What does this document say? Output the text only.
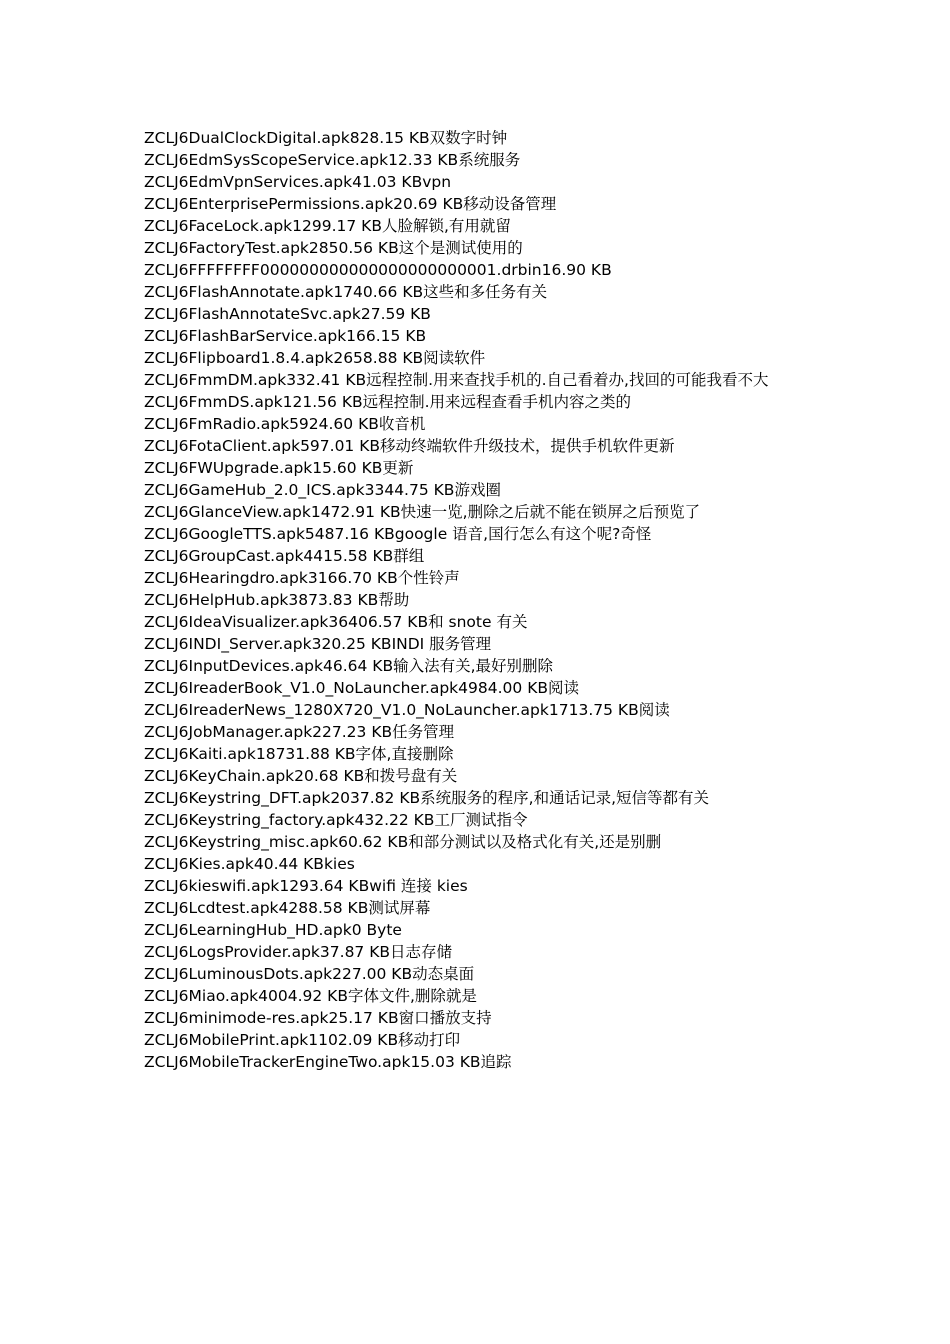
ZCLJ6DualClockDigital.apk828.15 KB双数字时钟
ZCLJ6EdmSysScopeService.apk12.33 KB系统服务
ZCLJ6EdmVpnServices.apk41.03 KBvpn
ZCLJ6EnterprisePermissions.apk20.69 KB移动设备管理
ZCLJ6FaceLock.apk1299.17 KB人脸解锁,有用就留
ZCLJ6FactoryTest.apk2850.56 KB这个是测试使用的
ZCLJ6FFFFFFFF000000000000000000000001.drbin16.90 KB
ZCLJ6FlashAnnotate.apk1740.66 KB这些和多任务有关
ZCLJ6FlashAnnotateSvc.apk27.59 KB
ZCLJ6FlashBarService.apk166.15 KB
ZCLJ6Flipboard1.8.4.apk2658.88 KB阅读软件
ZCLJ6FmmDM.apk332.41 KB远程控制.用来查找手机的.自己看着办,找回的可能我看不大
ZCLJ6FmmDS.apk121.56 KB远程控制.用来远程查看手机内容之类的
ZCLJ6FmRadio.apk5924.60 KB收音机
ZCLJ6FotaClient.apk597.01 KB移动终端软件升级技术，提供手机软件更新
ZCLJ6FWUpgrade.apk15.60 KB更新
ZCLJ6GameHub_2.0_ICS.apk3344.75 KB游戏圈
ZCLJ6GlanceView.apk1472.91 KB快速一览,删除之后就不能在锁屏之后预览了
ZCLJ6GoogleTTS.apk5487.16 KBgoogle 语音,国行怎么有这个呢?奇怪
ZCLJ6GroupCast.apk4415.58 KB群组
ZCLJ6Hearingdro.apk3166.70 KB个性铃声
ZCLJ6HelpHub.apk3873.83 KB帮助
ZCLJ6IdeaVisualizer.apk36406.57 KB和 snote 有关
ZCLJ6INDI_Server.apk320.25 KBINDI 服务管理
ZCLJ6InputDevices.apk46.64 KB输入法有关,最好别删除
ZCLJ6IreaderBook_V1.0_NoLauncher.apk4984.00 KB阅读
ZCLJ6IreaderNews_1280X720_V1.0_NoLauncher.apk1713.75 KB阅读
ZCLJ6JobManager.apk227.23 KB任务管理
ZCLJ6Kaiti.apk18731.88 KB字体,直接删除
ZCLJ6KeyChain.apk20.68 KB和拨号盘有关
ZCLJ6Keystring_DFT.apk2037.82 KB系统服务的程序,和通话记录,短信等都有关
ZCLJ6Keystring_factory.apk432.22 KB工厂测试指令
ZCLJ6Keystring_misc.apk60.62 KB和部分测试以及格式化有关,还是别删
ZCLJ6Kies.apk40.44 KBkies
ZCLJ6kieswifi.apk1293.64 KBwifi 连接 kies
ZCLJ6Lcdtest.apk4288.58 KB测试屏幕
ZCLJ6LearningHub_HD.apk0 Byte
ZCLJ6LogsProvider.apk37.87 KB日志存储
ZCLJ6LuminousDots.apk227.00 KB动态桌面
ZCLJ6Miao.apk4004.92 KB字体文件,删除就是
ZCLJ6minimode-res.apk25.17 KB窗口播放支持
ZCLJ6MobilePrint.apk1102.09 KB移动打印
ZCLJ6MobileTrackerEngineTwo.apk15.03 KB追踪
